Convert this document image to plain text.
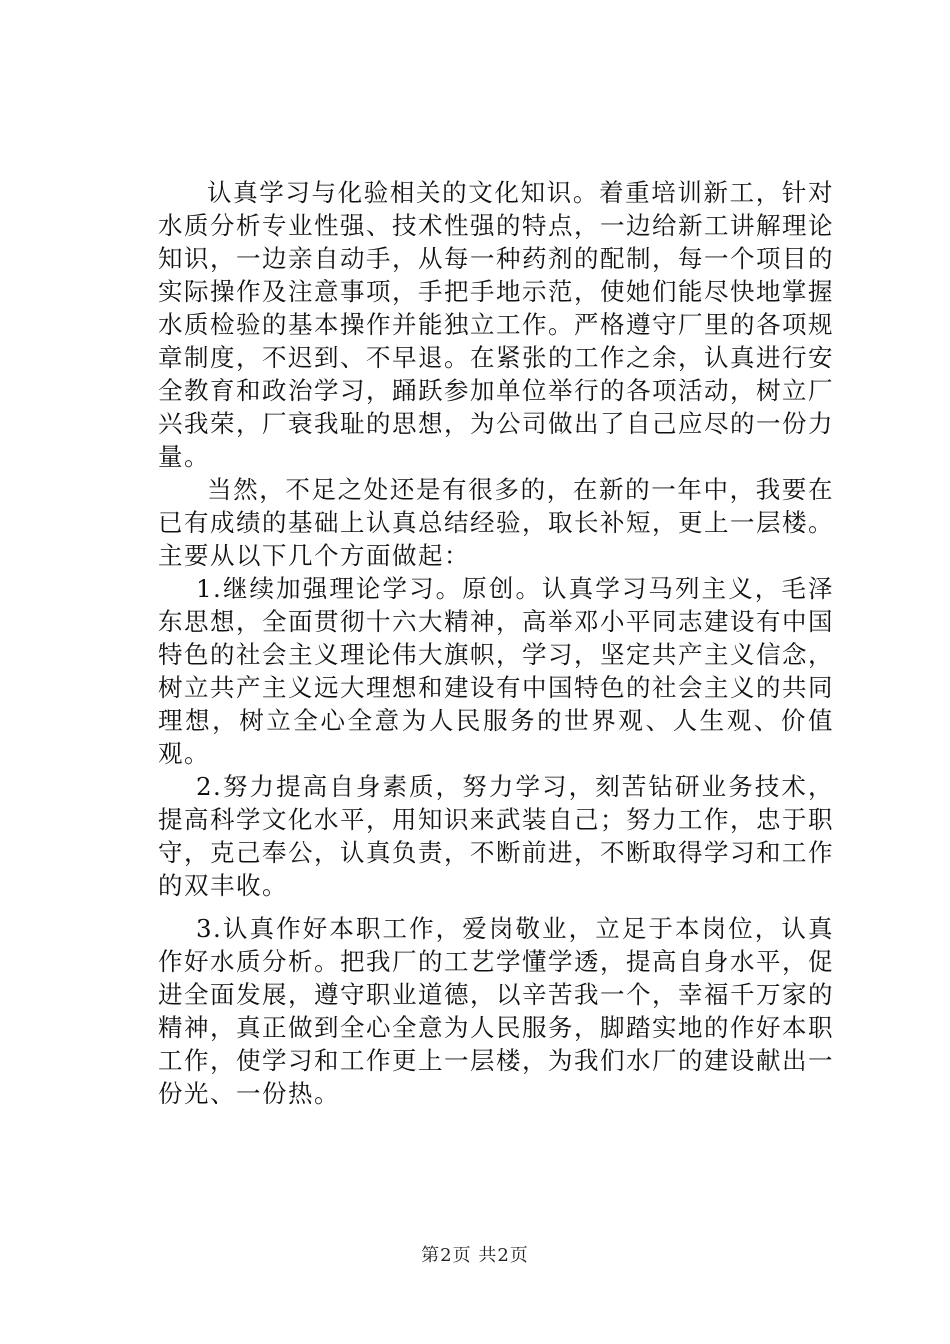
认真学习与化验相关的文化知识。着重培训新工，针对水质分析专业性强、技术性强的特点，一边给新工讲解理论知识，一边亲自动手，从每一种药剂的配制，每一个项目的实际操作及注意事项，手把手地示范，使她们能尽快地掌握水质检验的基本操作并能独立工作。严格遵守厂里的各项规章制度，不迟到、不早退。在紧张的工作之余，认真进行安全教育和政治学习，踊跃参加单位举行的各项活动，树立厂兴我荣，厂衰我耻的思想，为公司做出了自己应尽的一份力量。

当然，不足之处还是有很多的，在新的一年中，我要在已有成绩的基础上认真总结经验，取长补短，更上一层楼。主要从以下几个方面做起：

1.继续加强理论学习。原创。认真学习马列主义，毛泽东思想，全面贯彻十六大精神，高举邓小平同志建设有中国特色的社会主义理论伟大旗帜，学习，坚定共产主义信念，树立共产主义远大理想和建设有中国特色的社会主义的共同理想，树立全心全意为人民服务的世界观、人生观、价值观。

2.努力提高自身素质，努力学习，刻苦钻研业务技术，提高科学文化水平，用知识来武装自己；努力工作，忠于职守，克己奉公，认真负责，不断前进，不断取得学习和工作的双丰收。

3.认真作好本职工作，爱岗敬业，立足于本岗位，认真作好水质分析。把我厂的工艺学懂学透，提高自身水平，促进全面发展，遵守职业道德，以辛苦我一个，幸福千万家的精神，真正做到全心全意为人民服务，脚踏实地的作好本职工作，使学习和工作更上一层楼，为我们水厂的建设献出一份光、一份热。

第2页 共2页
